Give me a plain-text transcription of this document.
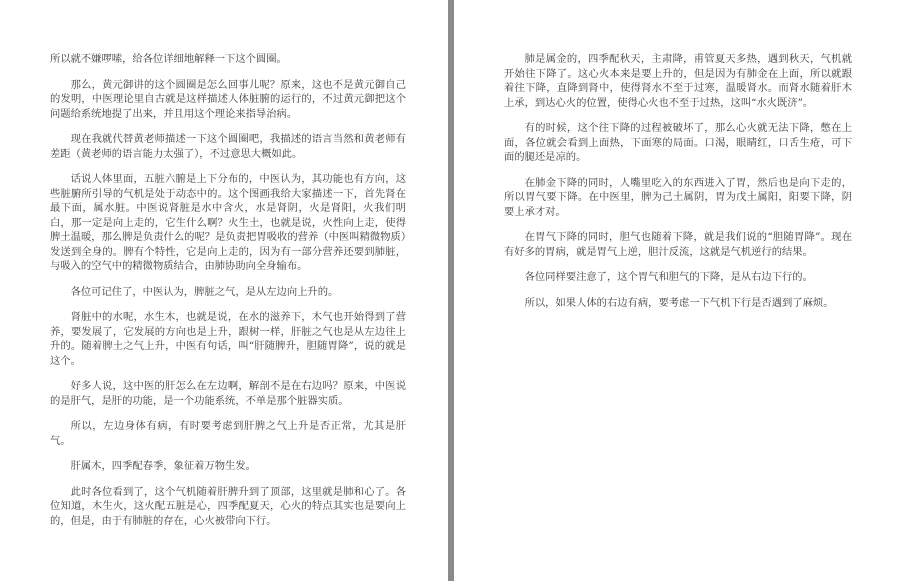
所以就不嫌啰嗦，给各位详细地解释一下这个圆圈。

那么，黄元御讲的这个圆圈是怎么回事儿呢？原来，这也不是黄元御自己的发明，中医理论里自古就是这样描述人体脏腑的运行的，不过黄元御把这个问题给系统地提了出来，并且用这个理论来指导治病。

现在我就代替黄老师描述一下这个圆圈吧，我描述的语言当然和黄老师有差距（黄老师的语言能力太强了），不过意思大概如此。

话说人体里面，五脏六腑是上下分布的，中医认为，其功能也有方向，这些脏腑所引导的气机是处于动态中的。这个图画我给大家描述一下，首先肾在最下面，属水脏。中医说肾脏是水中含火，水是肾阴，火是肾阳，火我们明白，那一定是向上走的，它生什么啊？火生土，也就是说，火性向上走，使得脾土温暖，那么脾是负责什么的呢？是负责把胃吸收的营养（中医叫精微物质）发送到全身的。脾有个特性，它是向上走的，因为有一部分营养还要到肺脏，与吸入的空气中的精微物质结合，由肺协助向全身输布。

各位可记住了，中医认为，脾脏之气，是从左边向上升的。

肾脏中的水呢，水生木，也就是说，在水的滋养下，木气也开始得到了营养，要发展了，它发展的方向也是上升，跟树一样，肝脏之气也是从左边往上升的。随着脾土之气上升，中医有句话，叫“肝随脾升，胆随胃降”，说的就是这个。

好多人说，这中医的肝怎么在左边啊，解剖不是在右边吗？原来，中医说的是肝气，是肝的功能，是一个功能系统，不单是那个脏器实质。

所以，左边身体有病，有时要考虑到肝脾之气上升是否正常，尤其是肝气。

肝属木，四季配春季，象征着万物生发。

此时各位看到了，这个气机随着肝脾升到了顶部，这里就是肺和心了。各位知道，木生火，这火配五脏是心，四季配夏天，心火的特点其实也是要向上的，但是，由于有肺脏的存在，心火被带向下行。

肺是属金的，四季配秋天，主肃降，甫管夏天多热，遇到秋天，气机就开始往下降了。这心火本来是要上升的，但是因为有肺金在上面，所以就跟着往下降，直降到肾中，使得肾水不至于过寒，温暖肾水。而肾水随着肝木上承，到达心火的位置，使得心火也不至于过热，这叫“水火既济”。

有的时候，这个往下降的过程被破坏了，那么心火就无法下降，憋在上面，各位就会看到上面热，下面寒的局面。口渴，眼睛红，口舌生疮，可下面的腿还是凉的。

在肺金下降的同时，人嘴里吃入的东西进入了胃，然后也是向下走的，所以胃气要下降。在中医里，脾为己土属阴，胃为戊土属阳，阳要下降，阴要上承才对。

在胃气下降的同时，胆气也随着下降，就是我们说的“胆随胃降”。现在有好多的胃病，就是胃气上逆，胆汁反流，这就是气机逆行的结果。

各位同样要注意了，这个胃气和胆气的下降，是从右边下行的。

所以，如果人体的右边有病，要考虑一下气机下行是否遇到了麻烦。
